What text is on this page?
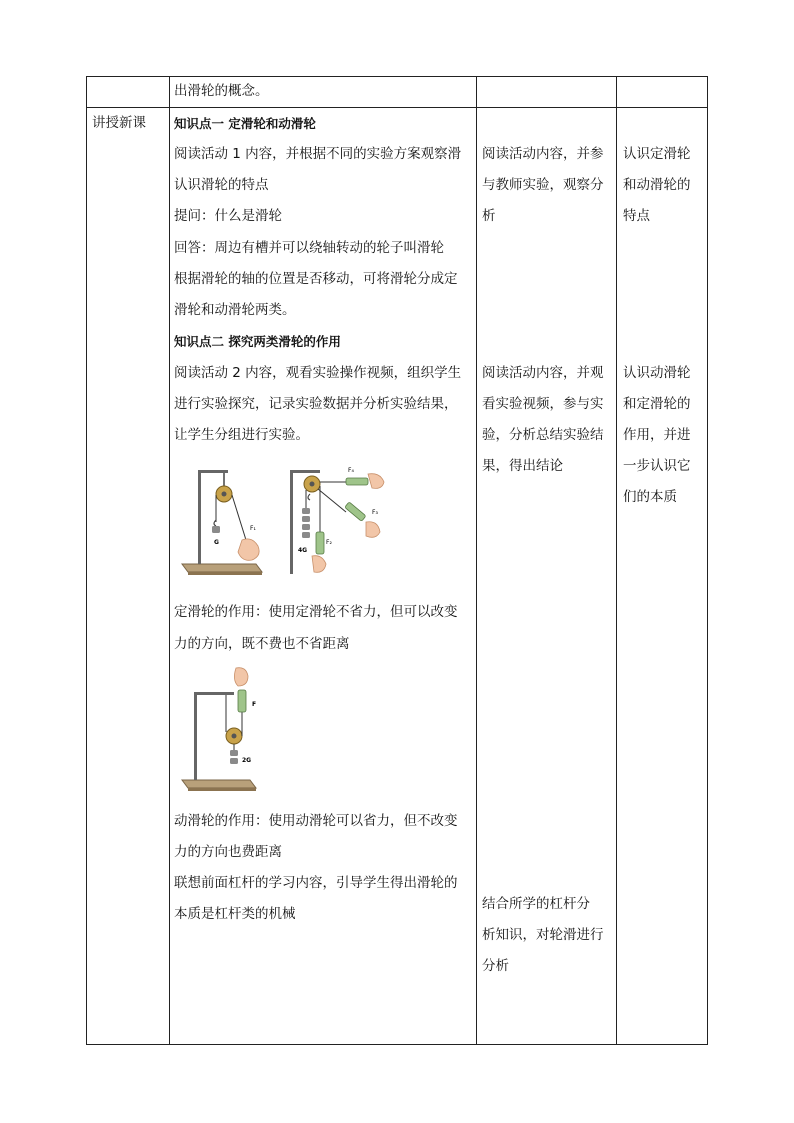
出滑轮的概念。
讲授新课 知识点一 定滑轮和动滑轮
阅读活动 1 内容，并根据不同的实验方案观察滑
认识滑轮的特点
提问：什么是滑轮
回答：周边有槽并可以绕轴转动的轮子叫滑轮
根据滑轮的轴的位置是否移动，可将滑轮分成定
滑轮和动滑轮两类。
知识点二 探究两类滑轮的作用
阅读活动 2 内容，观看实验操作视频，组织学生
进行实验探究，记录实验数据并分析实验结果，
让学生分组进行实验。
G
F₁
4G
F₄
F₃
F₂
定滑轮的作用：使用定滑轮不省力，但可以改变
力的方向，既不费也不省距离
F
2G
动滑轮的作用：使用动滑轮可以省力，但不改变
力的方向也费距离
联想前面杠杆的学习内容，引导学生得出滑轮的
本质是杠杆类的机械
阅读活动内容，并参
与教师实验，观察分
析
阅读活动内容，并观
看实验视频，参与实
验，分析总结实验结
果，得出结论
结合所学的杠杆分
析知识，对轮滑进行
分析
认识定滑轮
和动滑轮的
特点
认识动滑轮
和定滑轮的
作用，并进
一步认识它
们的本质
